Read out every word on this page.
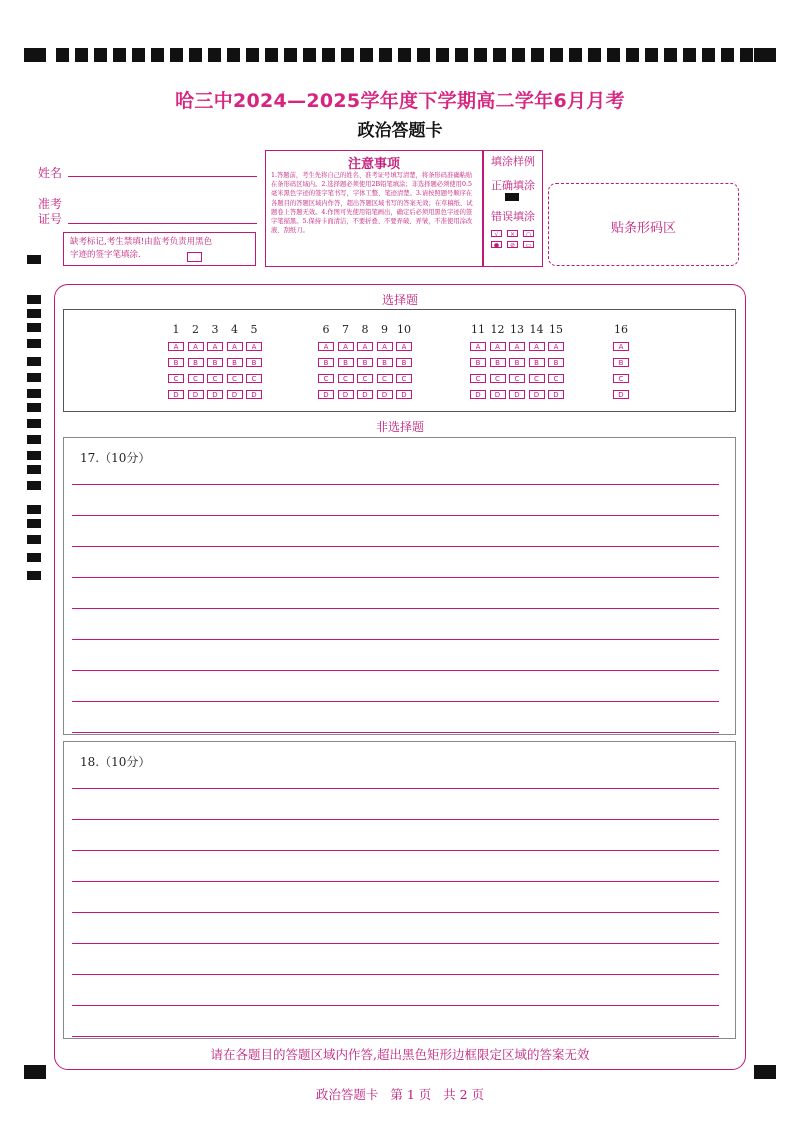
哈三中2024—2025学年度下学期高二学年6月月考
政治答题卡
姓名
准考
证号
缺考标记,考生禁填!由监考负责用黑色
字迹的签字笔填涂.
注意事项
1.答题前，考生先将自己的姓名、准考证号填写清楚，将条形码准确粘贴在条形码区域内。2.选择题必须使用2B铅笔填涂；非选择题必须使用0.5毫米黑色字迹的签字笔书写，字体工整、笔迹清楚。3.请按照题号顺序在各题目的答题区域内作答，超出答题区域书写的答案无效；在草稿纸、试题卷上答题无效。4.作图可先使用铅笔画出，确定后必须用黑色字迹的签字笔描黑。5.保持卡面清洁，不要折叠、不要弄破、弄皱，不准使用涂改液、刮纸刀。
填涂样例
正确填涂
错误填涂
√	×	○
●	⊘	▭
贴条形码区
选择题
1
A
B
C
D
2
A
B
C
D
3
A
B
C
D
4
A
B
C
D
5
A
B
C
D
6
A
B
C
D
7
A
B
C
D
8
A
B
C
D
9
A
B
C
D
10
A
B
C
D
11
A
B
C
D
12
A
B
C
D
13
A
B
C
D
14
A
B
C
D
15
A
B
C
D
16
A
B
C
D
非选择题
17.（10分）
18.（10分）
请在各题目的答题区域内作答,超出黑色矩形边框限定区域的答案无效
政治答题卡   第 1 页   共 2 页
